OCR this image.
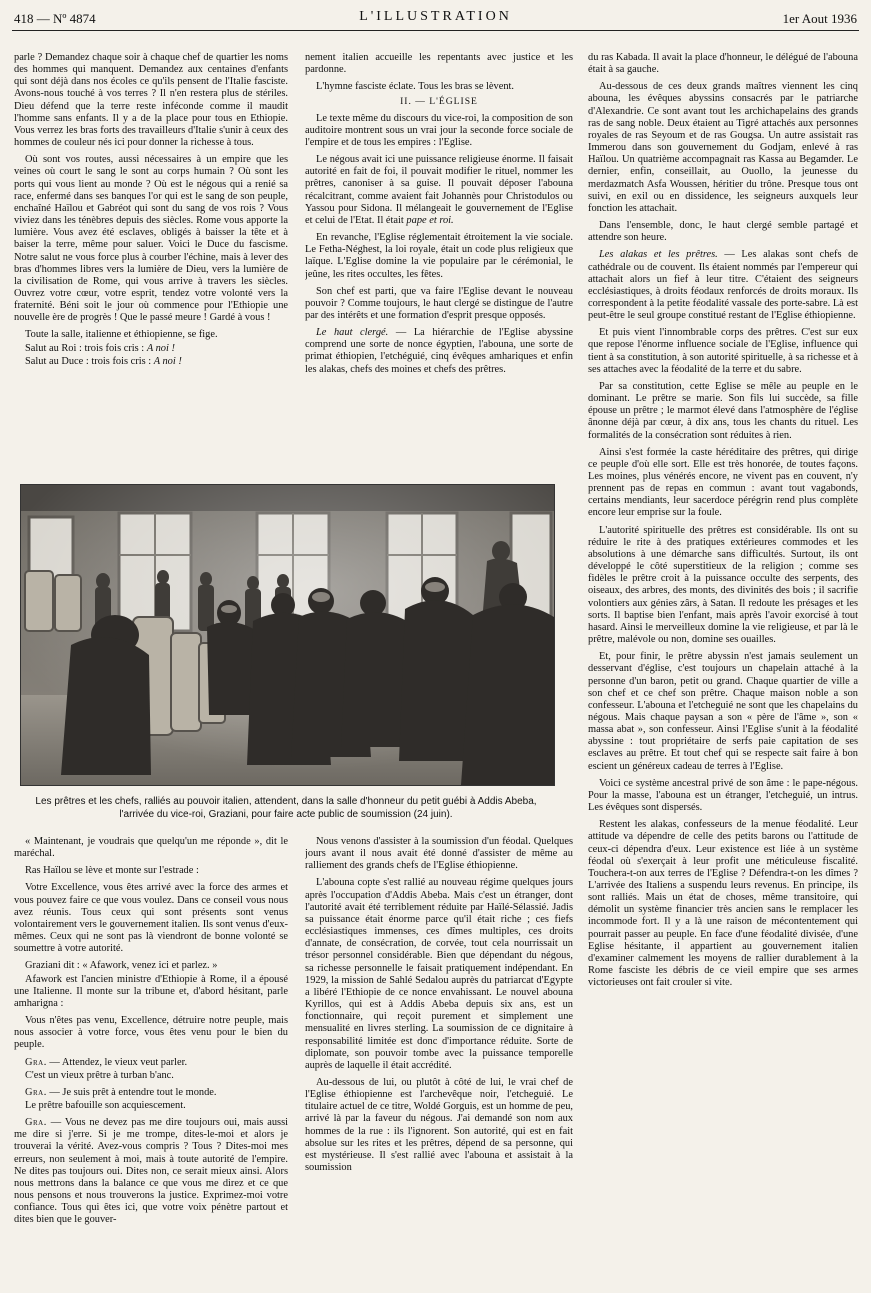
418 — Nº 4874	L'ILLUSTRATION	1er Aout 1936

parle ? Demandez chaque soir à chaque chef de quartier les noms des hommes qui manquent. Demandez aux centaines d'enfants qui sont déjà dans nos écoles ce qu'ils pensent de l'Italie fasciste. Avons-nous touché à vos terres ? Il n'en restera plus de stériles. Dieu défend que la terre reste inféconde comme il maudit l'homme sans enfants. Il y a de la place pour tous en Ethiopie. Vous verrez les bras forts des travailleurs d'Italie s'unir à ceux des hommes de couleur nés ici pour donner la richesse à tous.

Où sont vos routes, aussi nécessaires à un empire que les veines où court le sang le sont au corps humain ? Où sont les ports qui vous lient au monde ? Où est le négous qui a renié sa race, enfermé dans ses banques l'or qui est le sang de son peuple, enchaîné Haïlou et Gabréot qui sont du sang de vos rois ? Vous viviez dans les ténèbres depuis des siècles. Rome vous apporte la lumière. Vous avez été esclaves, obligés à baisser la tête et à baiser la terre, même pour saluer. Voici le Duce du fascisme. Notre salut ne vous force plus à courber l'échine, mais à lever des bras d'hommes libres vers la lumière de Dieu, vers la lumière de la civilisation de Rome, qui vous arrive à travers les siècles. Ouvrez votre cœur, votre esprit, tendez votre volonté vers la fraternité. Béni soit le jour où commence pour l'Ethiopie une nouvelle ère de progrès ! Que le passé meure ! Gardé à vous !

Toute la salle, italienne et éthiopienne, se fige.

Salut au Roi : trois fois cris : A noi !

Salut au Duce : trois fois cris : A noi !

nement italien accueille les repentants avec justice et les pardonne.

L'hymne fasciste éclate. Tous les bras se lèvent.

II. — L'ÉGLISE

Le texte même du discours du vice-roi, la composition de son auditoire montrent sous un vrai jour la seconde force sociale de l'empire et de tous les empires : l'Eglise.

Le négous avait ici une puissance religieuse énorme. Il faisait autorité en fait de foi, il pouvait modifier le rituel, nommer les prêtres, canoniser à sa guise. Il pouvait déposer l'abouna récalcitrant, comme avaient fait Johannès pour Christodulos ou Yassou pour Sidona. Il mélangeait le gouvernement de l'Eglise et celui de l'Etat. Il était pape et roi.

En revanche, l'Eglise réglementait étroitement la vie sociale. Le Fetha-Néghest, la loi royale, était un code plus religieux que laïque. L'Eglise domine la vie populaire par le cérémonial, le jeûne, les rites occultes, les fêtes.

Son chef est parti, que va faire l'Eglise devant le nouveau pouvoir ? Comme toujours, le haut clergé se distingue de l'autre par des intérêts et une formation d'esprit presque opposés.

Le haut clergé. — La hiérarchie de l'Eglise abyssine comprend une sorte de nonce égyptien, l'abouna, une sorte de primat éthiopien, l'etchéguié, cinq évêques amhariques et enfin les alakas, chefs des moines et chefs des prêtres.

du ras Kabada. Il avait la place d'honneur, le délégué de l'abouna était à sa gauche.

Au-dessous de ces deux grands maîtres viennent les cinq abouna, les évêques abyssins consacrés par le patriarche d'Alexandrie. Ce sont avant tout les archichapelains des grands ras de sang noble. Deux étaient au Tigré attachés aux personnes royales de ras Seyoum et de ras Gougsa. Un autre assistait ras Immerou dans son gouvernement du Godjam, enlevé à ras Haïlou. Un quatrième accompagnait ras Kassa au Begamder. Le dernier, enfin, conseillait, au Ouollo, la jeunesse du merdazmatch Asfa Woussen, héritier du trône. Presque tous ont suivi, en exil ou en dissidence, les seigneurs auxquels leur fonction les attachait.

Dans l'ensemble, donc, le haut clergé semble partagé et attendre son heure.

Les alakas et les prêtres. — Les alakas sont chefs de cathédrale ou de couvent. Ils étaient nommés par l'empereur qui attachait alors un fief à leur titre. C'étaient des seigneurs ecclésiastiques, à droits féodaux renforcés de droits moraux. Ils correspondent à la petite féodalité vassale des porte-sabre. Là est peut-être le seul groupe constitué restant de l'Eglise éthiopienne.

Et puis vient l'innombrable corps des prêtres. C'est sur eux que repose l'énorme influence sociale de l'Eglise, influence qui tient à sa constitution, à son autorité spirituelle, à sa richesse et à ses attaches avec la féodalité de la terre et du sabre.

Par sa constitution, cette Eglise se mêle au peuple en le dominant. Le prêtre se marie. Son fils lui succède, sa fille épouse un prêtre ; le marmot élevé dans l'atmosphère de l'église ânonne déjà par cœur, à dix ans, tous les chants du rituel. Les formalités de la consécration sont réduites à rien.

Ainsi s'est formée la caste héréditaire des prêtres, qui dirige ce peuple d'où elle sort. Elle est très honorée, de toutes façons. Les moines, plus vénérés encore, ne vivent pas en couvent, n'y prennent pas de repas en commun : avant tout vagabonds, certains mendiants, leur sacerdoce pérégrin rend plus complète encore leur emprise sur la foule.

L'autorité spirituelle des prêtres est considérable. Ils ont su réduire le rite à des pratiques extérieures commodes et les absolutions à une démarche sans difficultés. Surtout, ils ont développé le côté superstitieux de la religion ; comme ses fidèles le prêtre croit à la puissance occulte des serpents, des oiseaux, des arbres, des monts, des divinités des bois ; il sacrifie volontiers aux génies zârs, à Satan. Il redoute les présages et les sorts. Il baptise bien l'enfant, mais après l'avoir exorcisé à tout hasard. Ainsi le merveilleux domine la vie religieuse, et par là le prêtre, malévole ou non, domine ses ouailles.

Et, pour finir, le prêtre abyssin n'est jamais seulement un desservant d'église, c'est toujours un chapelain attaché à la personne d'un baron, petit ou grand. Chaque quartier de ville a son chef et ce chef son prêtre. Chaque maison noble a son confesseur. L'abouna et l'etcheguié ne sont que les chapelains du négous. Mais chaque paysan a son « père de l'âme », son « massa abat », son confesseur. Ainsi l'Eglise s'unit à la féodalité abyssine : tout propriétaire de serfs paie capitation de ses esclaves au prêtre. Et tout chef qui se respecte sait faire à bon escient un généreux cadeau de terres à l'Eglise.

Voici ce système ancestral privé de son âme : le pape-négous. Pour la masse, l'abouna est un étranger, l'etcheguié, un intrus. Les évêques sont dispersés.

Restent les alakas, confesseurs de la menue féodalité. Leur attitude va dépendre de celle des petits barons ou l'attitude de ceux-ci dépendra d'eux. Leur existence est liée à un système féodal où s'exerçait à leur profit une méticuleuse fiscalité. Touchera-t-on aux terres de l'Eglise ? Défendra-t-on les dîmes ? L'arrivée des Italiens a suspendu leurs revenus. En principe, ils sont ralliés. Mais un état de choses, même transitoire, qui démolit un système financier très ancien sans le remplacer les incommode fort. Il y a là une raison de mécontentement qui pourrait passer au peuple. En face d'une féodalité divisée, d'une Eglise hésitante, il appartient au gouvernement italien d'examiner calmement les moyens de rallier durablement à la Rome fasciste les débris de ce vieil empire que ses armes victorieuses ont fait crouler si vite.

Les prêtres et les chefs, ralliés au pouvoir italien, attendent, dans la salle d'honneur du petit guébi à Addis Abeba, l'arrivée du vice-roi, Graziani, pour faire acte public de soumission (24 juin).

« Maintenant, je voudrais que quelqu'un me réponde », dit le maréchal.

Ras Haïlou se lève et monte sur l'estrade :

Votre Excellence, vous êtes arrivé avec la force des armes et vous pouvez faire ce que vous voulez. Dans ce conseil vous nous avez réunis. Tous ceux qui sont présents sont venus volontairement vers le gouvernement italien. Ils sont venus d'eux-mêmes. Ceux qui ne sont pas là viendront de bonne volonté se soumettre à votre autorité.

Graziani dit : « Afawork, venez ici et parlez. »

Afawork est l'ancien ministre d'Ethiopie à Rome, il a épousé une Italienne. Il monte sur la tribune et, d'abord hésitant, parle amharigna :

Vous n'êtes pas venu, Excellence, détruire notre peuple, mais nous associer à votre force, vous êtes venu pour le bien du peuple.

Gra. — Attendez, le vieux veut parler.

C'est un vieux prêtre à turban b'anc.

Gra. — Je suis prêt à entendre tout le monde.

Le prêtre bafouille son acquiescement.

Gra. — Vous ne devez pas me dire toujours oui, mais aussi me dire si j'erre. Si je me trompe, dites-le-moi et alors je trouverai la vérité. Avez-vous compris ? Tous ? Dites-moi mes erreurs, non seulement à moi, mais à toute autorité de l'empire. Ne dites pas toujours oui. Dites non, ce serait mieux ainsi. Alors nous mettrons dans la balance ce que vous me direz et ce que nous pensons et nous trouverons la justice. Exprimez-moi votre confiance. Tous qui êtes ici, que votre voix pénètre partout et dites bien que le gouver-

Nous venons d'assister à la soumission d'un féodal. Quelques jours avant il nous avait été donné d'assister de même au ralliement des grands chefs de l'Eglise éthiopienne.

L'abouna copte s'est rallié au nouveau régime quelques jours après l'occupation d'Addis Abeba. Mais c'est un étranger, dont l'autorité avait été terriblement réduite par Haïlé-Sélassié. Jadis sa puissance était énorme parce qu'il était riche ; ces fiefs ecclésiastiques immenses, ces dîmes multiples, ces droits d'annate, de consécration, de corvée, tout cela nourrissait un trésor personnel considérable. Bien que dépendant du négous, sa richesse personnelle le faisait pratiquement indépendant. En 1929, la mission de Sahlé Sedalou auprès du patriarcat d'Egypte a libéré l'Ethiopie de ce nonce envahissant. Le nouvel abouna Kyrillos, qui est à Addis Abeba depuis six ans, est un fonctionnaire, qui reçoit purement et simplement une mensualité en livres sterling. La soumission de ce dignitaire à responsabilité limitée est donc d'importance réduite. Sorte de diplomate, son pouvoir tombe avec la puissance temporelle auprès de laquelle il était accrédité.

Au-dessous de lui, ou plutôt à côté de lui, le vrai chef de l'Eglise éthiopienne est l'archevêque noir, l'etcheguié. Le titulaire actuel de ce titre, Woldé Gorguis, est un homme de peu, arrivé là par la faveur du négous. J'ai demandé son nom aux hommes de la rue : ils l'ignorent. Son autorité, qui est en fait absolue sur les rites et les prêtres, dépend de sa personne, qui est mystérieuse. Il s'est rallié avec l'abouna et assistait à la soumission
